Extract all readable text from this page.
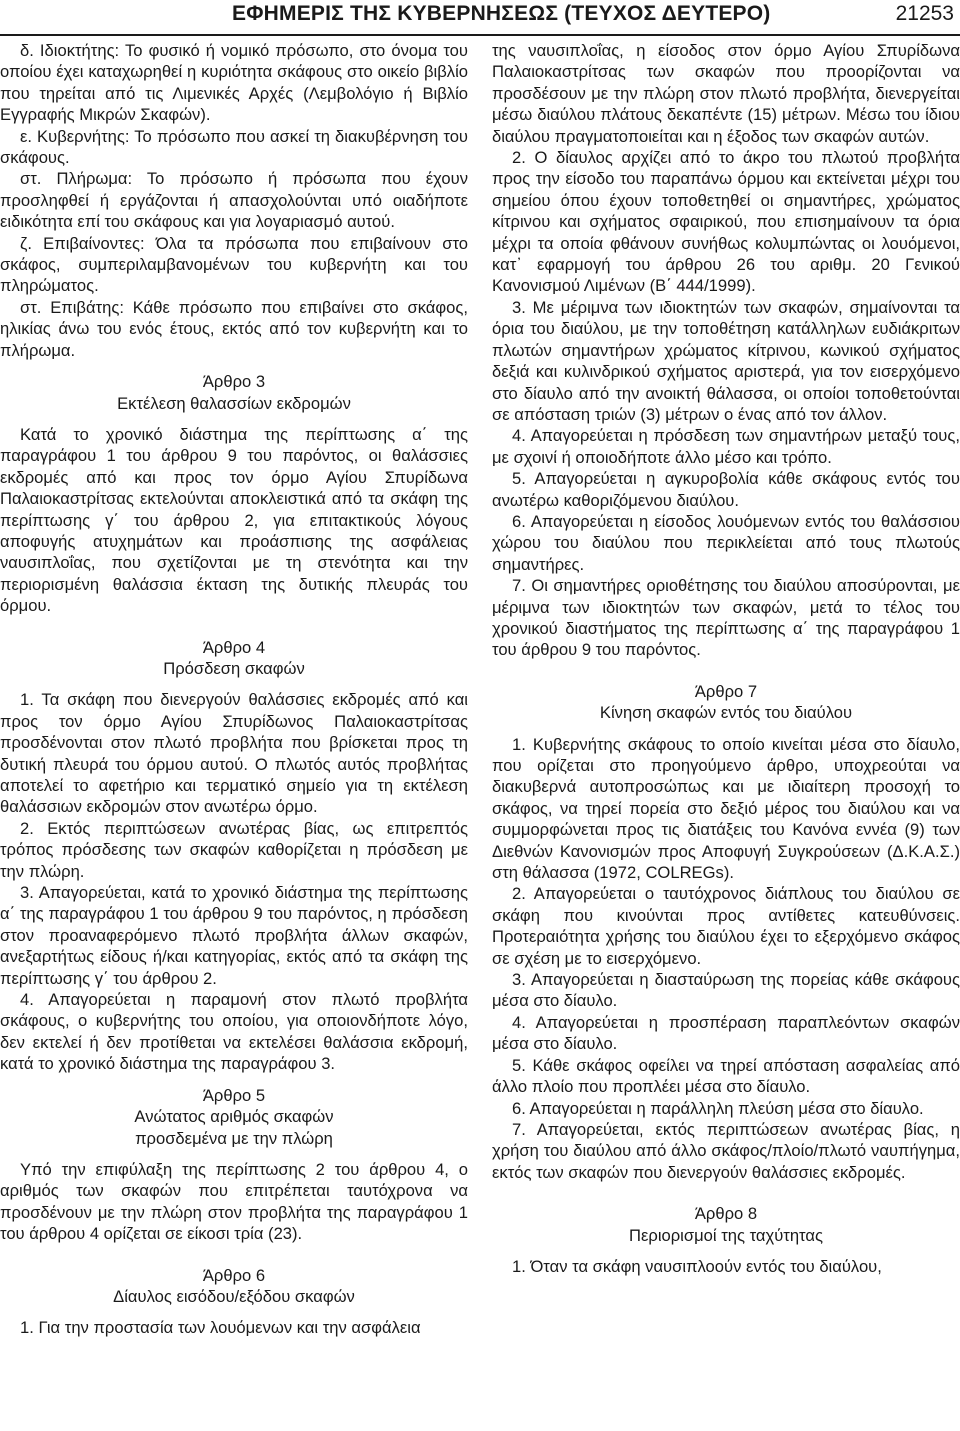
ΕΦΗΜΕΡΙΣ ΤΗΣ ΚΥΒΕΡΝΗΣΕΩΣ (ΤΕΥΧΟΣ ΔΕΥΤΕΡΟ)	21253

δ. Ιδιοκτήτης: Το φυσικό ή νομικό πρόσωπο, στο όνομα του οποίου έχει καταχωρηθεί η κυριότητα σκάφους στο οικείο βιβλίο που τηρείται από τις Λιμενικές Αρχές (Λεμβολόγιο ή Βιβλίο Εγγραφής Μικρών Σκαφών).

ε. Κυβερνήτης: Το πρόσωπο που ασκεί τη διακυβέρνηση του σκάφους.

στ. Πλήρωμα: Το πρόσωπο ή πρόσωπα που έχουν προσληφθεί ή εργάζονται ή απασχολούνται υπό οιαδήποτε ειδικότητα επί του σκάφους και για λογαριασμό αυτού.

ζ. Επιβαίνοντες: Όλα τα πρόσωπα που επιβαίνουν στο σκάφος, συμπεριλαμβανομένων του κυβερνήτη και του πληρώματος.

στ. Επιβάτης: Κάθε πρόσωπο που επιβαίνει στο σκάφος, ηλικίας άνω του ενός έτους, εκτός από τον κυβερνήτη και το πλήρωμα.

Άρθρο 3
Εκτέλεση θαλασσίων εκδρομών

Κατά το χρονικό διάστημα της περίπτωσης α΄ της παραγράφου 1 του άρθρου 9 του παρόντος, οι θαλάσσιες εκδρομές από και προς τον όρμο Αγίου Σπυρίδωνα Παλαιοκαστρίτσας εκτελούνται αποκλειστικά από τα σκάφη της περίπτωσης γ΄ του άρθρου 2, για επιτακτικούς λόγους αποφυγής ατυχημάτων και προάσπισης της ασφάλειας ναυσιπλοΐας, που σχετίζονται με τη στενότητα και την περιορισμένη θαλάσσια έκταση της δυτικής πλευράς του όρμου.

Άρθρο 4
Πρόσδεση σκαφών

1. Τα σκάφη που διενεργούν θαλάσσιες εκδρομές από και προς τον όρμο Αγίου Σπυρίδωνος Παλαιοκαστρίτσας προσδένονται στον πλωτό προβλήτα που βρίσκεται προς τη δυτική πλευρά του όρμου αυτού. Ο πλωτός αυτός προβλήτας αποτελεί το αφετήριο και τερματικό σημείο για τη εκτέλεση θαλάσσιων εκδρομών στον ανωτέρω όρμο.

2. Εκτός περιπτώσεων ανωτέρας βίας, ως επιτρεπτός τρόπος πρόσδεσης των σκαφών καθορίζεται η πρόσδεση με την πλώρη.

3. Απαγορεύεται, κατά το χρονικό διάστημα της περίπτωσης α΄ της παραγράφου 1 του άρθρου 9 του παρόντος, η πρόσδεση στον προαναφερόμενο πλωτό προβλήτα άλλων σκαφών, ανεξαρτήτως είδους ή/και κατηγορίας, εκτός από τα σκάφη της περίπτωσης γ΄ του άρθρου 2.

4. Απαγορεύεται η παραμονή στον πλωτό προβλήτα σκάφους, ο κυβερνήτης του οποίου, για οποιονδήποτε λόγο, δεν εκτελεί ή δεν προτίθεται να εκτελέσει θαλάσσια εκδρομή, κατά το χρονικό διάστημα της παραγράφου 3.

Άρθρο 5
Ανώτατος αριθμός σκαφών
προσδεμένα με την πλώρη

Υπό την επιφύλαξη της περίπτωσης 2 του άρθρου 4, ο αριθμός των σκαφών που επιτρέπεται ταυτόχρονα να προσδένουν με την πλώρη στον προβλήτα της παραγράφου 1 του άρθρου 4 ορίζεται σε είκοσι τρία (23).

Άρθρο 6
Δίαυλος εισόδου/εξόδου σκαφών

1. Για την προστασία των λουόμενων και την ασφάλεια

της ναυσιπλοΐας, η είσοδος στον όρμο Αγίου Σπυρίδωνα Παλαιοκαστρίτσας των σκαφών που προορίζονται να προσδέσουν με την πλώρη στον πλωτό προβλήτα, διενεργείται μέσω διαύλου πλάτους δεκαπέντε (15) μέτρων. Μέσω του ίδιου διαύλου πραγματοποιείται και η έξοδος των σκαφών αυτών.

2. Ο δίαυλος αρχίζει από το άκρο του πλωτού προβλήτα προς την είσοδο του παραπάνω όρμου και εκτείνεται μέχρι του σημείου όπου έχουν τοποθετηθεί οι σημαντήρες, χρώματος κίτρινου και σχήματος σφαιρικού, που επισημαίνουν τα όρια μέχρι τα οποία φθάνουν συνήθως κολυμπώντας οι λουόμενοι, κατ᾽ εφαρμογή του άρθρου 26 του αριθμ. 20 Γενικού Κανονισμού Λιμένων (Β΄ 444/1999).

3. Με μέριμνα των ιδιοκτητών των σκαφών, σημαίνονται τα όρια του διαύλου, με την τοποθέτηση κατάλληλων ευδιάκριτων πλωτών σημαντήρων χρώματος κίτρινου, κωνικού σχήματος δεξιά και κυλινδρικού σχήματος αριστερά, για τον εισερχόμενο στο δίαυλο από την ανοικτή θάλασσα, οι οποίοι τοποθετούνται σε απόσταση τριών (3) μέτρων ο ένας από τον άλλον.

4. Απαγορεύεται η πρόσδεση των σημαντήρων μεταξύ τους, με σχοινί ή οποιοδήποτε άλλο μέσο και τρόπο.

5. Απαγορεύεται η αγκυροβολία κάθε σκάφους εντός του ανωτέρω καθοριζόμενου διαύλου.

6. Απαγορεύεται η είσοδος λουόμενων εντός του θαλάσσιου χώρου του διαύλου που περικλείεται από τους πλωτούς σημαντήρες.

7. Οι σημαντήρες οριοθέτησης του διαύλου αποσύρονται, με μέριμνα των ιδιοκτητών των σκαφών, μετά το τέλος του χρονικού διαστήματος της περίπτωσης α΄ της παραγράφου 1 του άρθρου 9 του παρόντος.

Άρθρο 7
Κίνηση σκαφών εντός του διαύλου

1. Κυβερνήτης σκάφους το οποίο κινείται μέσα στο δίαυλο, που ορίζεται στο προηγούμενο άρθρο, υποχρεούται να διακυβερνά αυτοπροσώπως και με ιδιαίτερη προσοχή το σκάφος, να τηρεί πορεία στο δεξιό μέρος του διαύλου και να συμμορφώνεται προς τις διατάξεις του Κανόνα εννέα (9) των Διεθνών Κανονισμών προς Αποφυγή Συγκρούσεων (Δ.Κ.Α.Σ.) στη θάλασσα (1972, COLREGs).

2. Απαγορεύεται ο ταυτόχρονος διάπλους του διαύλου σε σκάφη που κινούνται προς αντίθετες κατευθύνσεις. Προτεραιότητα χρήσης του διαύλου έχει το εξερχόμενο σκάφος σε σχέση με το εισερχόμενο.

3. Απαγορεύεται η διασταύρωση της πορείας κάθε σκάφους μέσα στο δίαυλο.

4. Απαγορεύεται η προσπέραση παραπλεόντων σκαφών μέσα στο δίαυλο.

5. Κάθε σκάφος οφείλει να τηρεί απόσταση ασφαλείας από άλλο πλοίο που προπλέει μέσα στο δίαυλο.

6. Απαγορεύεται η παράλληλη πλεύση μέσα στο δίαυλο.

7. Απαγορεύεται, εκτός περιπτώσεων ανωτέρας βίας, η χρήση του διαύλου από άλλο σκάφος/πλοίο/πλωτό ναυπήγημα, εκτός των σκαφών που διενεργούν θαλάσσιες εκδρομές.

Άρθρο 8
Περιορισμοί της ταχύτητας

1. Όταν τα σκάφη ναυσιπλοούν εντός του διαύλου,
